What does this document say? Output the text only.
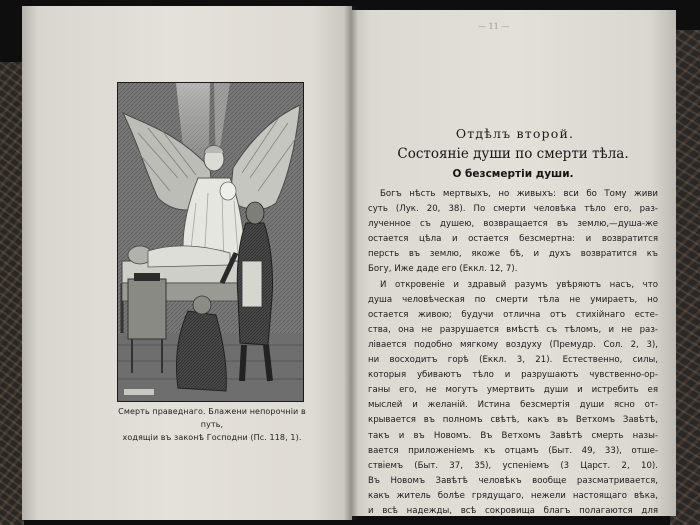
Смерть праведнаго. Блажени непорочнiи в путь,
ходящiи въ законѣ Господни (Пс. 118, 1).
— 11 —
Отдѣлъ второй.
Состоянiе души по смерти тѣла.
О безсмертiи души.
Богъ нѣсть мертвыхъ, но живыхъ: вси бо Тому живи
суть (Лук. 20, 38). По смерти человѣка тѣло его, раз-
лученное съ душею, возвращается въ землю,—душа-же
остается цѣла и остается безсмертна: и возвратится
персть въ землю, якоже бѣ, и духъ возвратится къ
Богу, Иже даде его (Еккл. 12, 7).
И откровенiе и здравый разумъ увѣряютъ насъ, что
душа человѣческая по смерти тѣла не умираетъ, но
остается живою; будучи отлична отъ стихiйнаго есте-
ства, она не разрушается вмѣстѣ съ тѣломъ, и не раз-
лiвается подобно мягкому воздуху (Премудр. Сол. 2, 3),
ни восходитъ горѣ (Еккл. 3, 21). Естественно, силы,
которыя убиваютъ тѣло и разрушаютъ чувственно-ор-
ганы его, не могутъ умертвить души и истребить ея
мыслей и желанiй. Истина безсмертiя души ясно от-
крывается въ полномъ свѣтѣ, какъ въ Ветхомъ Завѣтѣ,
такъ и въ Новомъ. Въ Ветхомъ Завѣтѣ смерть назы-
вается приложенiемъ къ отцамъ (Быт. 49, 33), отше-
ствiемъ (Быт. 37, 35), успенiемъ (3 Царст. 2, 10).
Въ Новомъ Завѣтѣ человѣкъ вообще разсматривается,
какъ житель болѣе грядущаго, нежели настоящаго вѣка,
и всѣ надежды, всѣ сокровища благъ полагаются для
